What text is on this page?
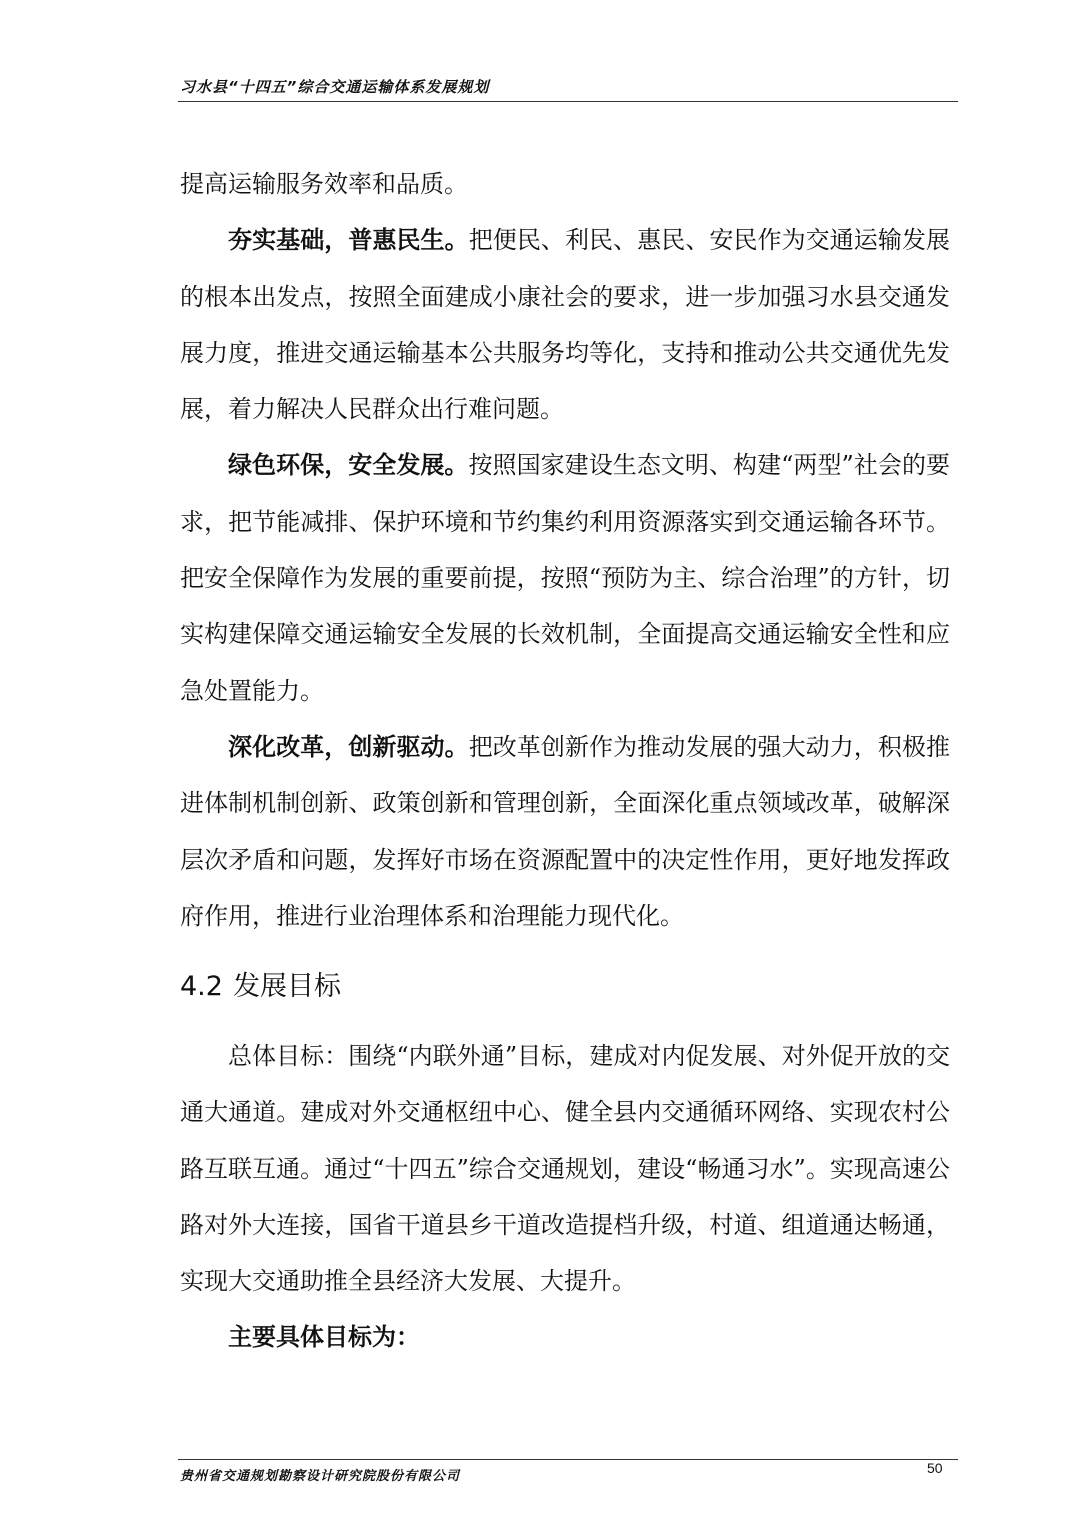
习水县“十四五”综合交通运输体系发展规划

提高运输服务效率和品质。

夯实基础，普惠民生。把便民、利民、惠民、安民作为交通运输发展的根本出发点，按照全面建成小康社会的要求，进一步加强习水县交通发展力度，推进交通运输基本公共服务均等化，支持和推动公共交通优先发展，着力解决人民群众出行难问题。

绿色环保，安全发展。按照国家建设生态文明、构建“两型”社会的要求，把节能减排、保护环境和节约集约利用资源落实到交通运输各环节。把安全保障作为发展的重要前提，按照“预防为主、综合治理”的方针，切实构建保障交通运输安全发展的长效机制，全面提高交通运输安全性和应急处置能力。

深化改革，创新驱动。把改革创新作为推动发展的强大动力，积极推进体制机制创新、政策创新和管理创新，全面深化重点领域改革，破解深层次矛盾和问题，发挥好市场在资源配置中的决定性作用，更好地发挥政府作用，推进行业治理体系和治理能力现代化。

4.2 发展目标

总体目标：围绕“内联外通”目标，建成对内促发展、对外促开放的交通大通道。建成对外交通枢纽中心、健全县内交通循环网络、实现农村公路互联互通。通过“十四五”综合交通规划，建设“畅通习水”。实现高速公路对外大连接，国省干道县乡干道改造提档升级，村道、组道通达畅通，实现大交通助推全县经济大发展、大提升。

主要具体目标为：

贵州省交通规划勘察设计研究院股份有限公司
50
